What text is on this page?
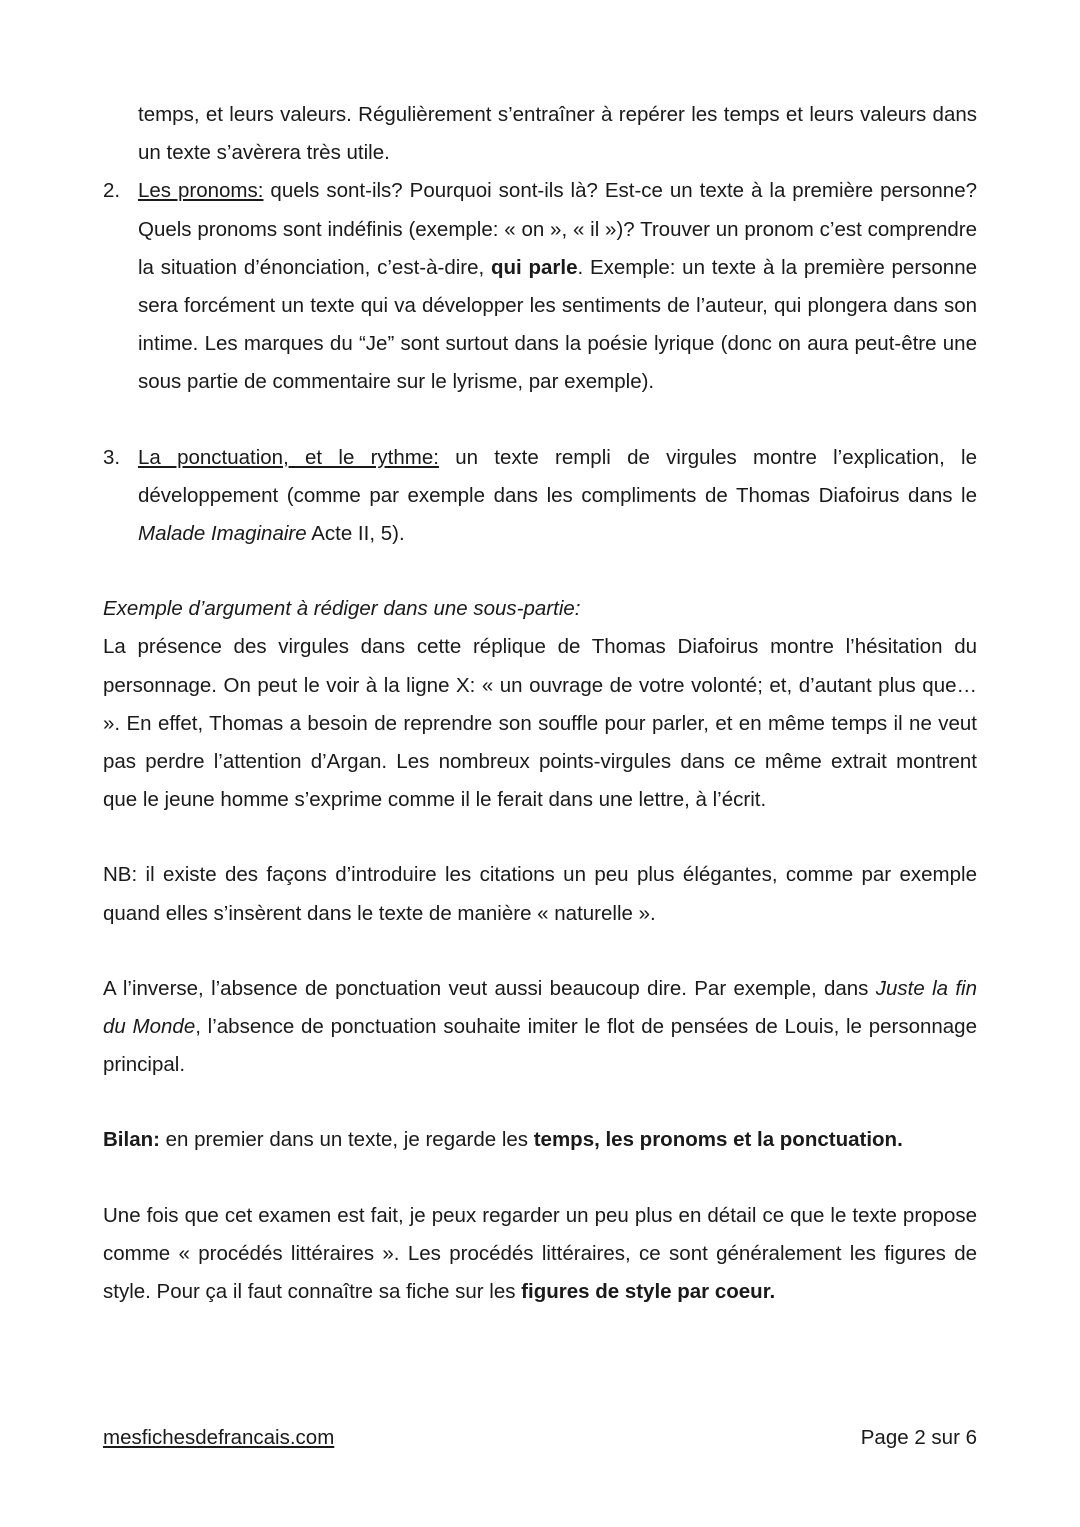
temps, et leurs valeurs. Régulièrement s’entraîner à repérer les temps et leurs valeurs dans un texte s’avèrera très utile.

2. Les pronoms: quels sont-ils? Pourquoi sont-ils là? Est-ce un texte à la première personne? Quels pronoms sont indéfinis (exemple: « on », « il »)? Trouver un pronom c’est comprendre la situation d’énonciation, c’est-à-dire, qui parle. Exemple: un texte à la première personne sera forcément un texte qui va développer les sentiments de l’auteur, qui plongera dans son intime. Les marques du “Je” sont surtout dans la poésie lyrique (donc on aura peut-être une sous partie de commentaire sur le lyrisme, par exemple).

3. La ponctuation, et le rythme: un texte rempli de virgules montre l’explication, le développement (comme par exemple dans les compliments de Thomas Diafoirus dans le Malade Imaginaire Acte II, 5).

Exemple d’argument à rédiger dans une sous-partie:

La présence des virgules dans cette réplique de Thomas Diafoirus montre l’hésitation du personnage. On peut le voir à la ligne X: « un ouvrage de votre volonté; et, d’autant plus que… ». En effet, Thomas a besoin de reprendre son souffle pour parler, et en même temps il ne veut pas perdre l’attention d’Argan. Les nombreux points-virgules dans ce même extrait montrent que le jeune homme s’exprime comme il le ferait dans une lettre, à l’écrit.

NB: il existe des façons d’introduire les citations un peu plus élégantes, comme par exemple quand elles s’insèrent dans le texte de manière « naturelle ».

A l’inverse, l’absence de ponctuation veut aussi beaucoup dire. Par exemple, dans Juste la fin du Monde, l’absence de ponctuation souhaite imiter le flot de pensées de Louis, le personnage principal.

Bilan: en premier dans un texte, je regarde les temps, les pronoms et la ponctuation.

Une fois que cet examen est fait, je peux regarder un peu plus en détail ce que le texte propose comme « procédés littéraires ». Les procédés littéraires, ce sont généralement les figures de style. Pour ça il faut connaître sa fiche sur les figures de style par coeur.

mesfichesdefrancais.com	Page 2 sur 6
